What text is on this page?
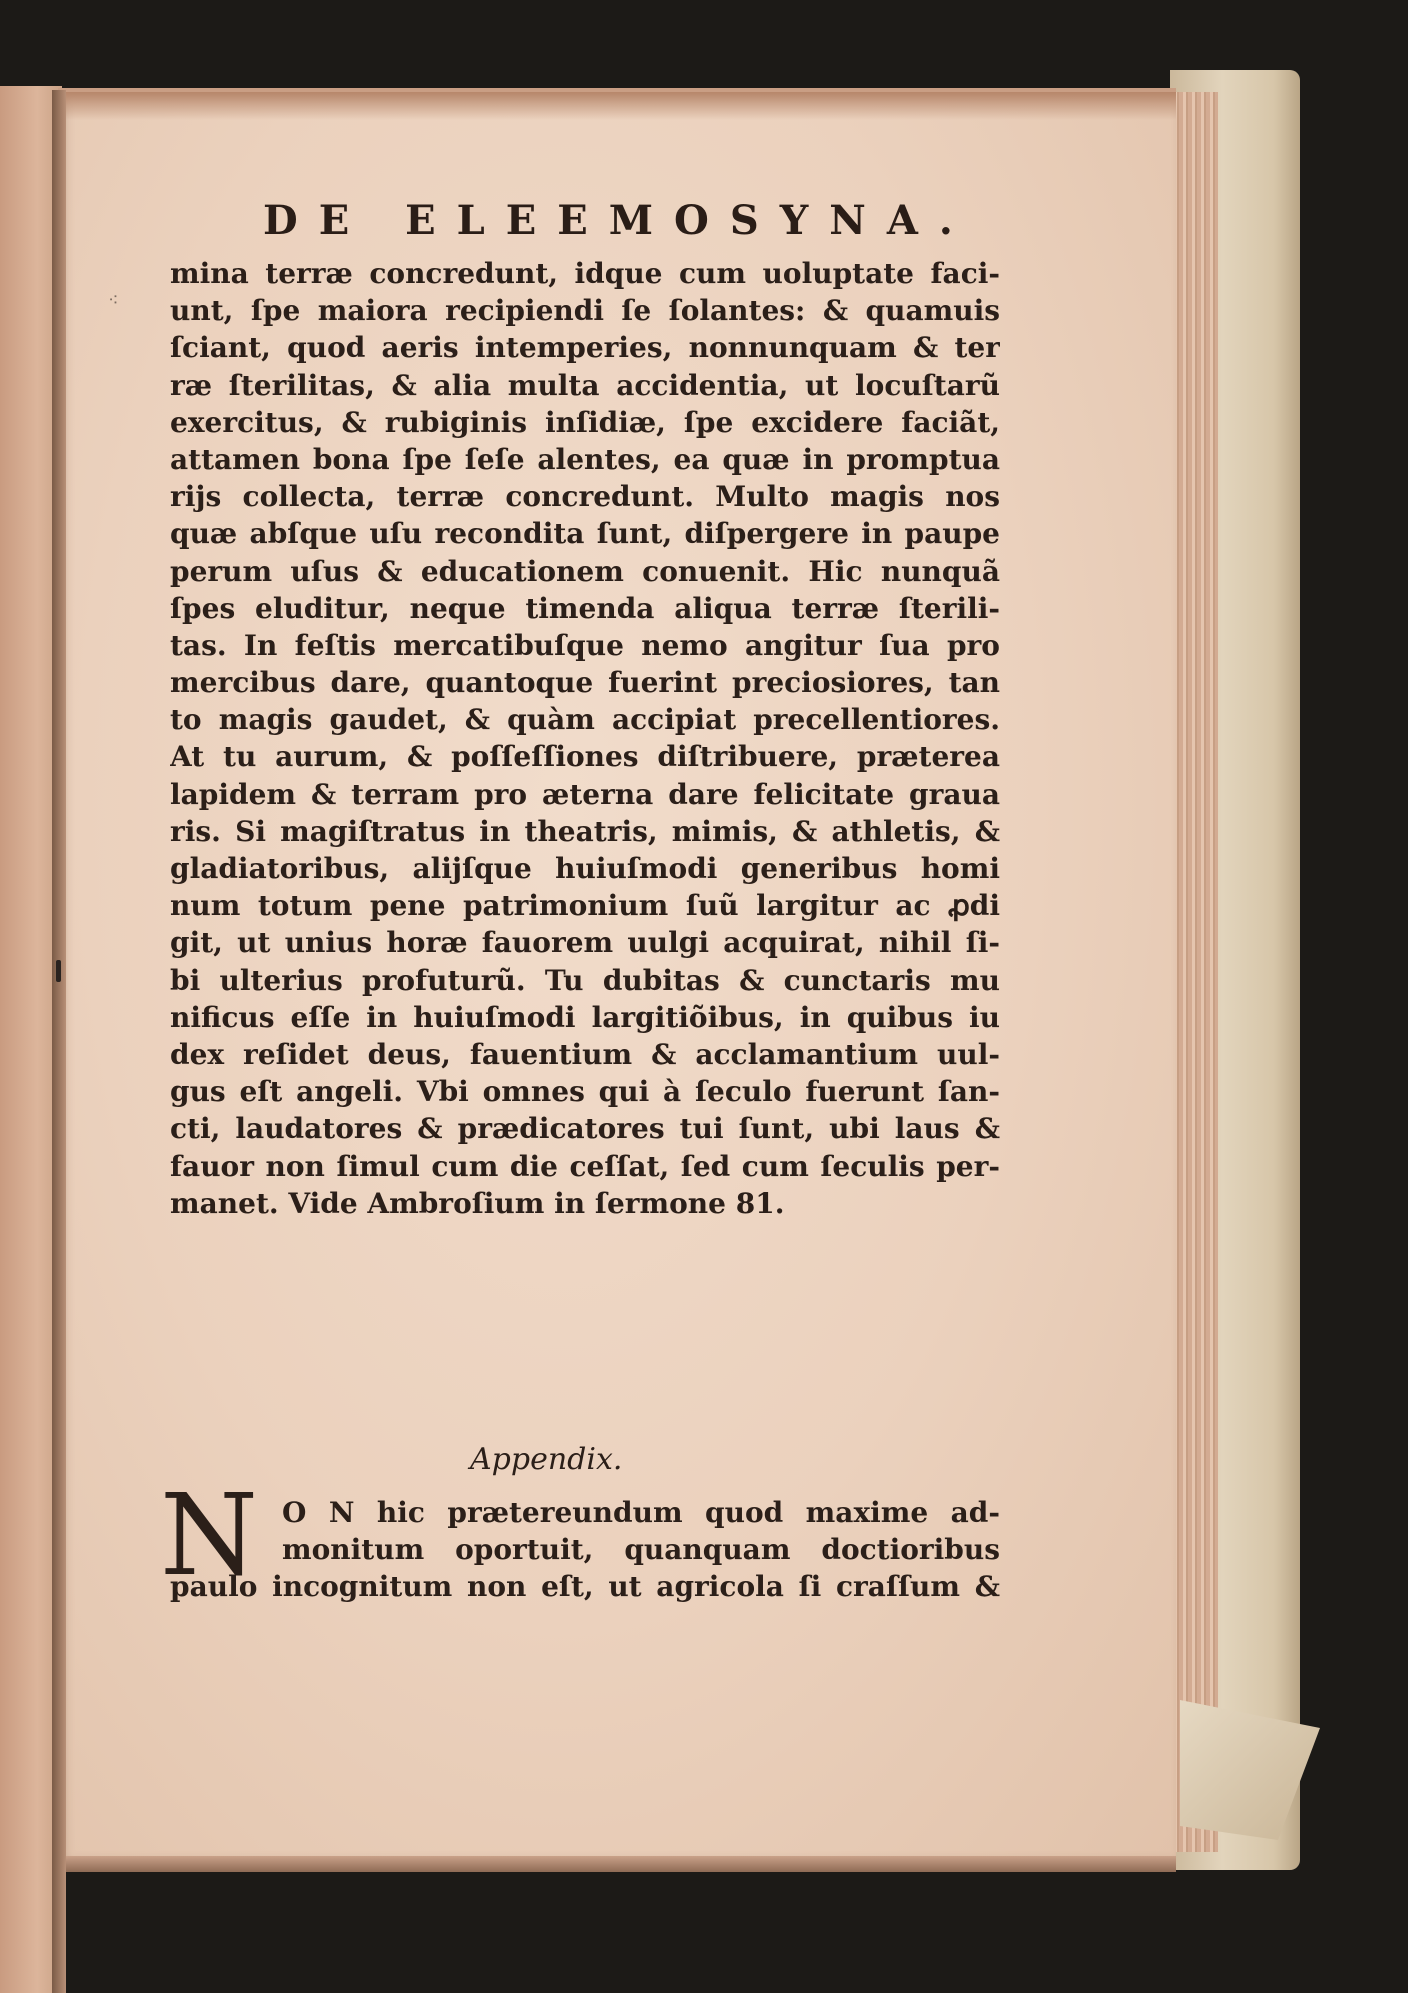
⁖
DE ELEEMOSYNA.
mina terræ concredunt, idque cum uoluptate faci-
unt, ſpe maiora recipiendi ſe ſolantes: & quamuis
ſciant, quod aeris intemperies, nonnunquam & ter
ræ ſterilitas, & alia multa accidentia, ut locuſtarũ
exercitus, & rubiginis inſidiæ, ſpe excidere faciãt,
attamen bona ſpe ſeſe alentes, ea quæ in promptua
rijs collecta, terræ concredunt. Multo magis nos
quæ abſque uſu recondita ſunt, diſpergere in paupe
perum uſus & educationem conuenit. Hic nunquã
ſpes eluditur, neque timenda aliqua terræ ſterili-
tas. In feſtis mercatibuſque nemo angitur ſua pro
mercibus dare, quantoque fuerint preciosiores, tan
to magis gaudet, & quàm accipiat precellentiores.
At tu aurum, & poſſeſſiones diſtribuere, præterea
lapidem & terram pro æterna dare felicitate graua
ris. Si magiſtratus in theatris, mimis, & athletis, &
gladiatoribus, alijſque huiuſmodi generibus homi
num totum pene patrimonium ſuũ largitur ac ꝓdi
git, ut unius horæ fauorem uulgi acquirat, nihil ſi-
bi ulterius profuturũ. Tu dubitas & cunctaris mu
nificus eſſe in huiuſmodi largitiõibus, in quibus iu
dex reſidet deus, fauentium & acclamantium uul-
gus eſt angeli. Vbi omnes qui à ſeculo fuerunt ſan-
cti, laudatores & prædicatores tui ſunt, ubi laus &
fauor non ſimul cum die ceſſat, ſed cum ſeculis per-
manet. Vide Ambroſium in ſermone 81.
Appendix.
N O N hic prætereundum quod maxime ad-
monitum oportuit, quanquam doctioribus
paulo incognitum non eſt, ut agricola ſi craſſum &
